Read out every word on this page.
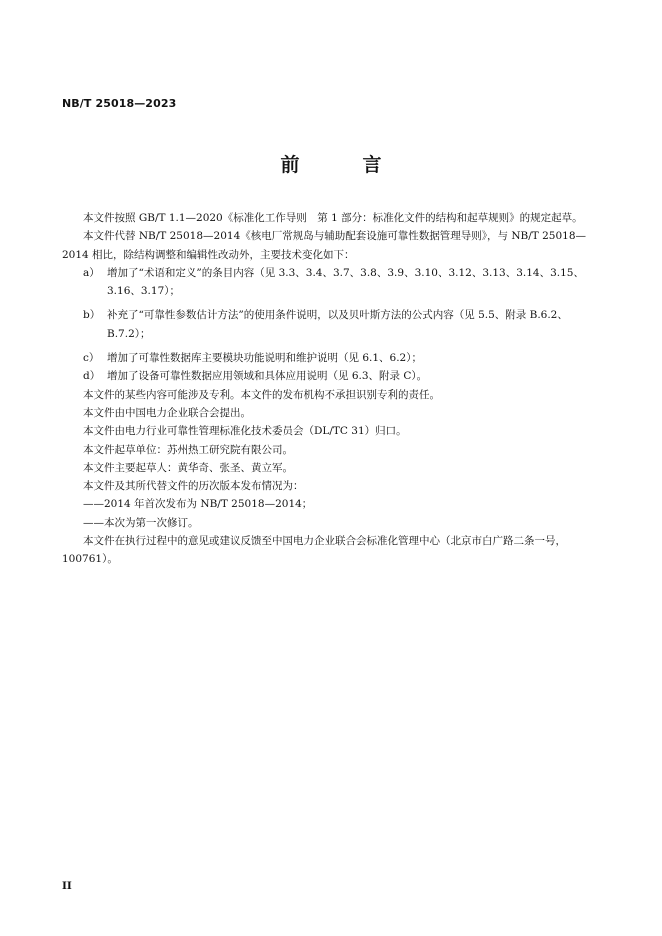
NB/T 25018—2023
前　言

本文件按照 GB/T 1.1—2020《标准化工作导则　第 1 部分：标准化文件的结构和起草规则》的规定起草。

本文件代替 NB/T 25018—2014《核电厂常规岛与辅助配套设施可靠性数据管理导则》，与 NB/T 25018—2014 相比，除结构调整和编辑性改动外，主要技术变化如下：

a） 增加了“术语和定义”的条目内容（见 3.3、3.4、3.7、3.8、3.9、3.10、3.12、3.13、3.14、3.15、3.16、3.17）；
b） 补充了“可靠性参数估计方法”的使用条件说明，以及贝叶斯方法的公式内容（见 5.5、附录 B.6.2、B.7.2）；
c） 增加了可靠性数据库主要模块功能说明和维护说明（见 6.1、6.2）；
d） 增加了设备可靠性数据应用领域和具体应用说明（见 6.3、附录 C）。

本文件的某些内容可能涉及专利。本文件的发布机构不承担识别专利的责任。

本文件由中国电力企业联合会提出。

本文件由电力行业可靠性管理标准化技术委员会（DL/TC 31）归口。

本文件起草单位：苏州热工研究院有限公司。

本文件主要起草人：黄华奇、张圣、黄立军。

本文件及其所代替文件的历次版本发布情况为：

——2014 年首次发布为 NB/T 25018—2014；

——本次为第一次修订。

本文件在执行过程中的意见或建议反馈至中国电力企业联合会标准化管理中心（北京市白广路二条一号，100761）。

II
